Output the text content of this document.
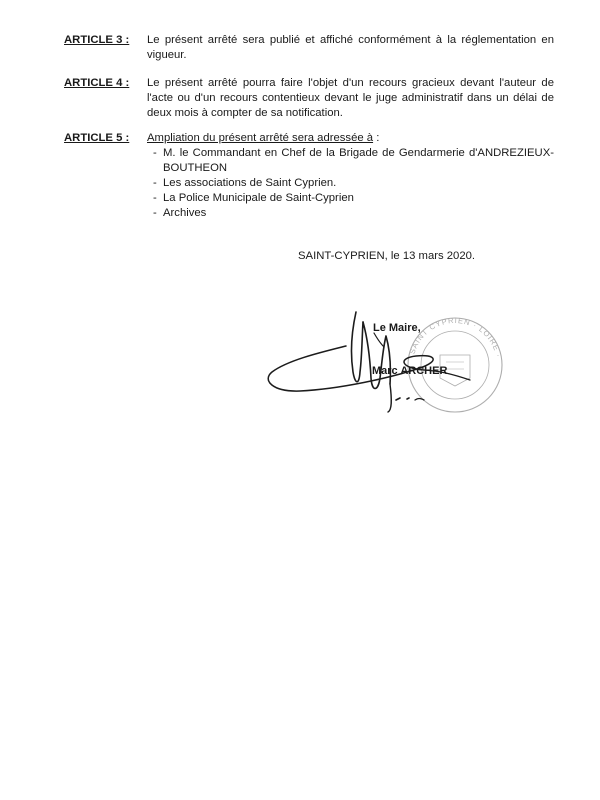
ARTICLE 3 : Le présent arrêté sera publié et affiché conformément à la réglementation en vigueur.
ARTICLE 4 : Le présent arrêté pourra faire l'objet d'un recours gracieux devant l'auteur de l'acte ou d'un recours contentieux devant le juge administratif dans un délai de deux mois à compter de sa notification.
ARTICLE 5 : Ampliation du présent arrêté sera adressée à :
- M. le Commandant en Chef de la Brigade de Gendarmerie d'ANDREZIEUX-BOUTHEON
- Les associations de Saint Cyprien.
- La Police Municipale de Saint-Cyprien
- Archives
SAINT-CYPRIEN, le 13 mars 2020.
SAINT CYPRIEN · LOIRE ·
Le Maire,
Marc ARCHER
